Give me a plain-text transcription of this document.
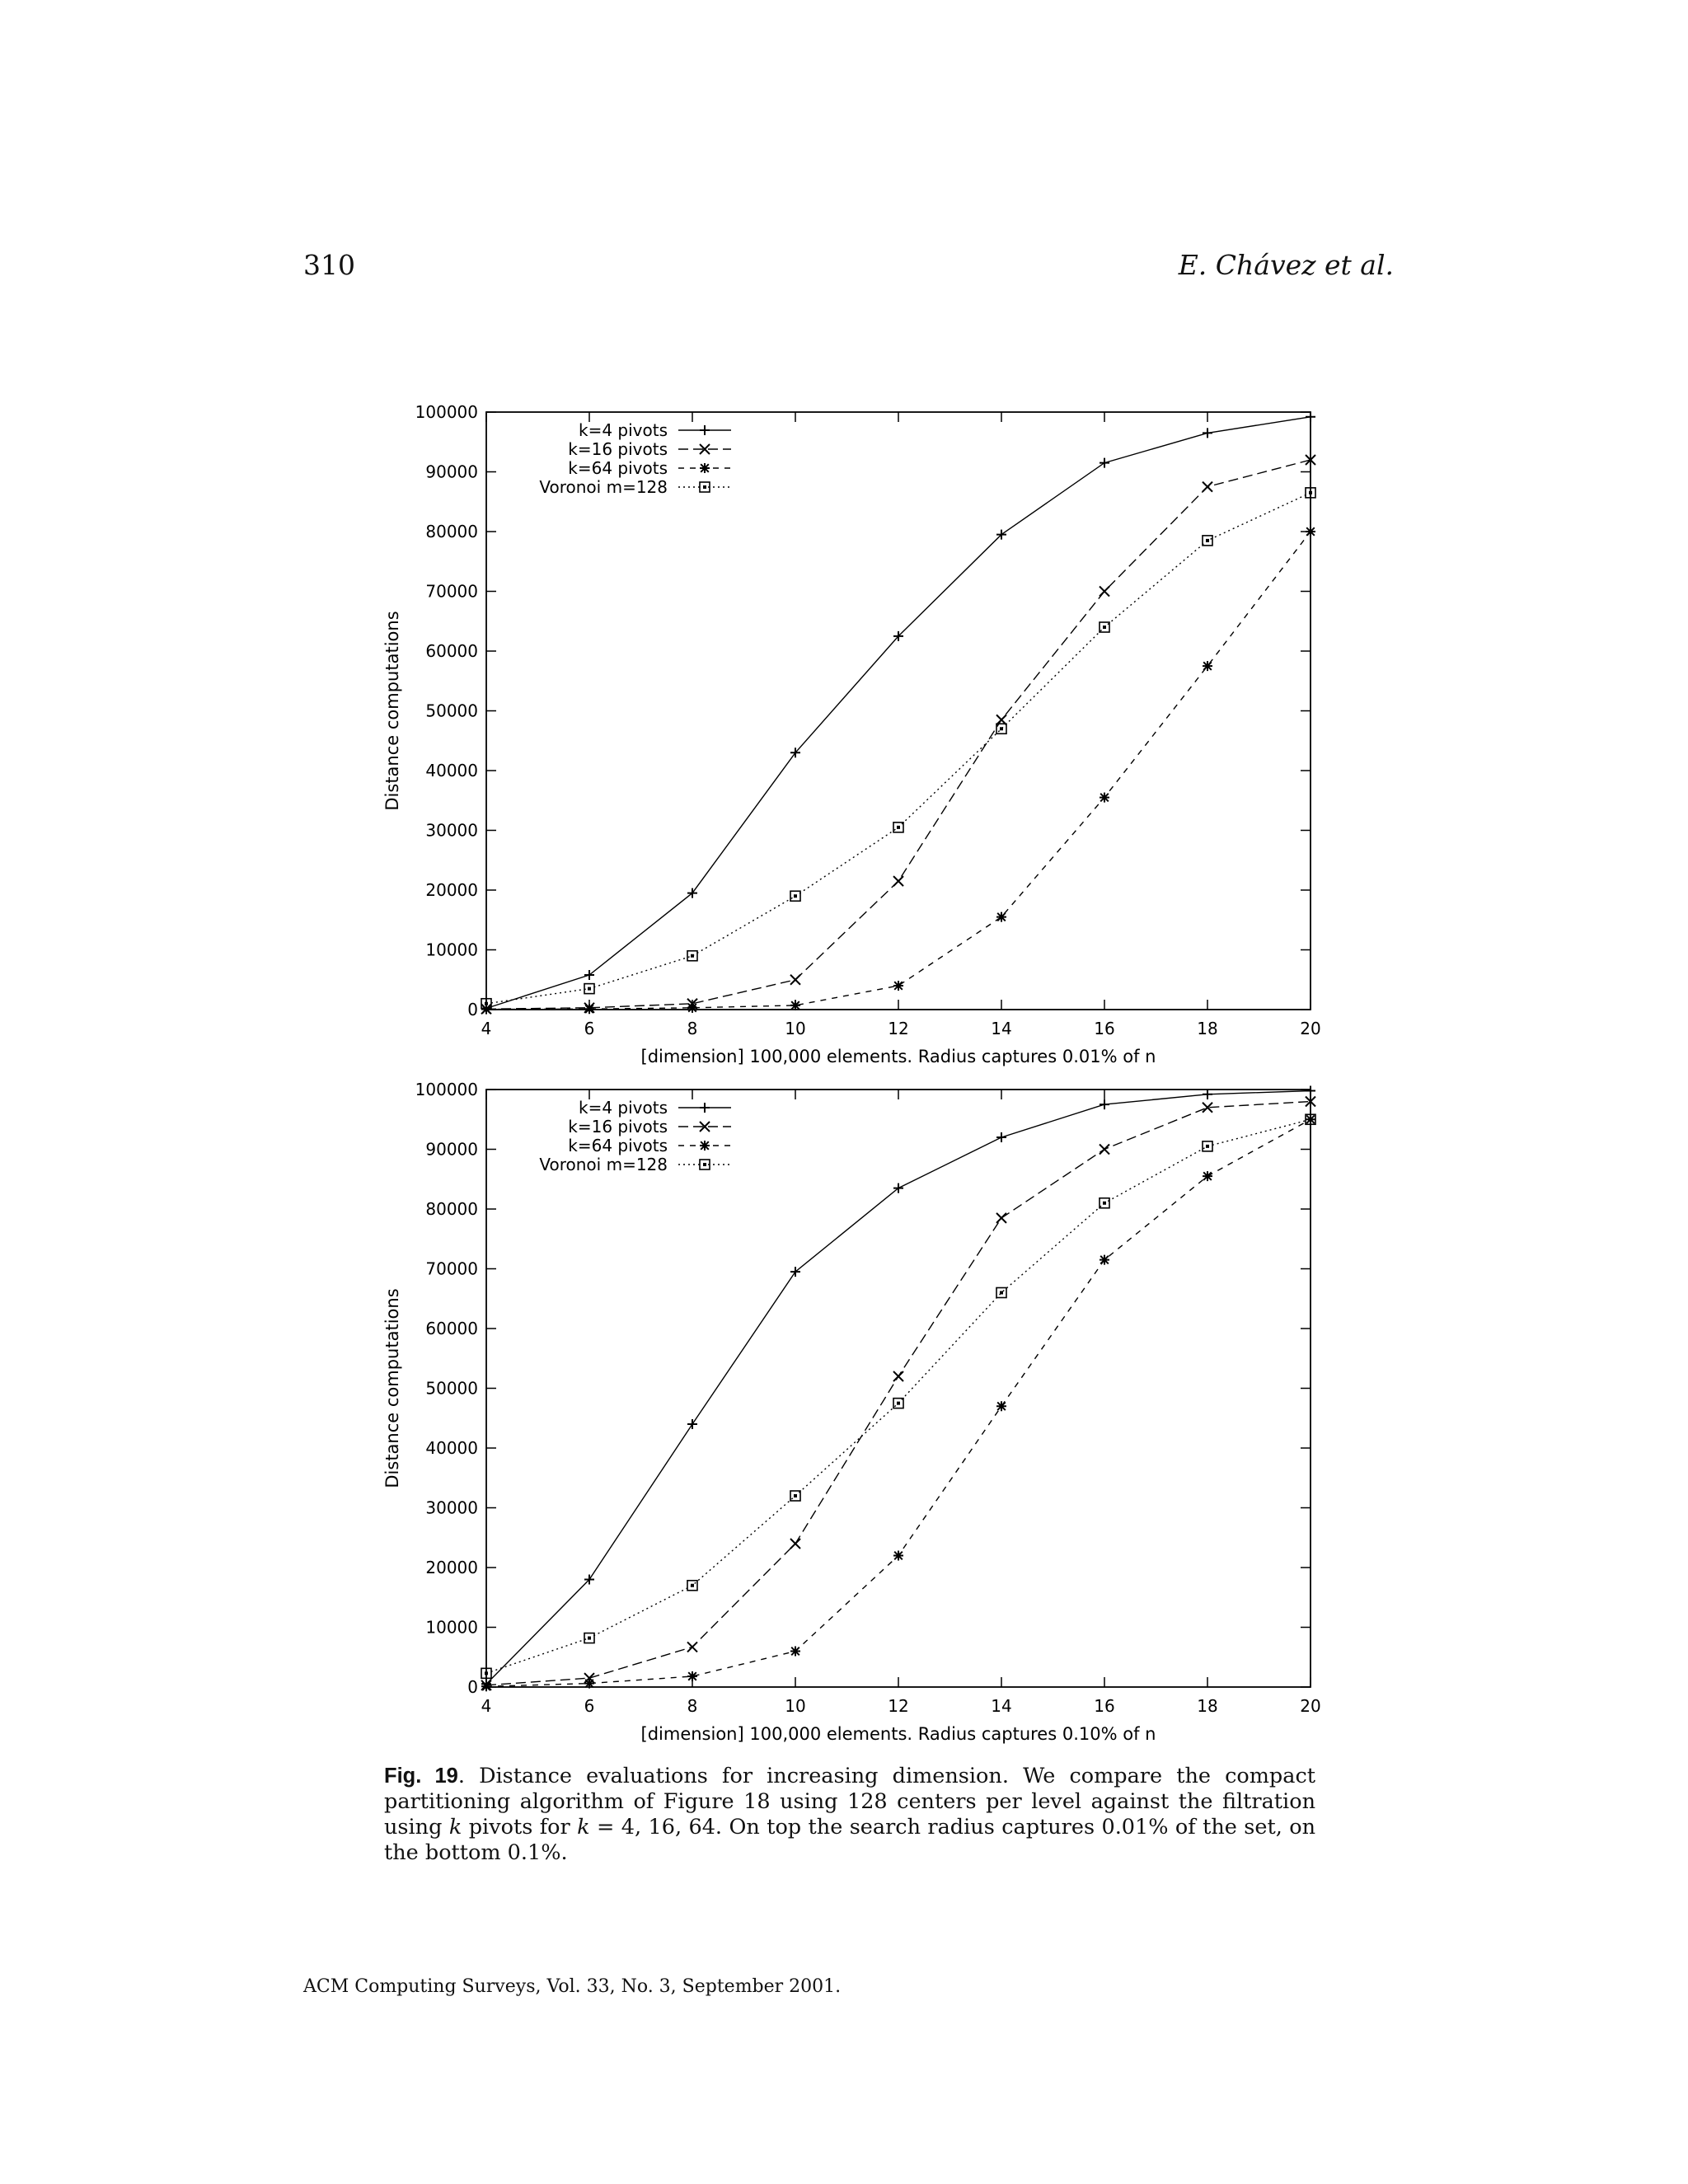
310	E. Chávez et al.
0
10000
20000
30000
40000
50000
60000
70000
80000
90000
100000
4	6	8	10	12	14	16	18	20
[dimension] 100,000 elements. Radius captures 0.01% of n
Distance computations
k=4 pivots
k=16 pivots
k=64 pivots
Voronoi m=128
0
10000
20000
30000
40000
50000
60000
70000
80000
90000
100000
4	6	8	10	12	14	16	18	20
[dimension] 100,000 elements. Radius captures 0.10% of n
Distance computations
k=4 pivots
k=16 pivots
k=64 pivots
Voronoi m=128
Fig. 19. Distance evaluations for increasing dimension. We compare the compact partitioning algorithm of Figure 18 using 128 centers per level against the filtration using k pivots for k = 4, 16, 64. On top the search radius captures 0.01% of the set, on the bottom 0.1%.
ACM Computing Surveys, Vol. 33, No. 3, September 2001.
